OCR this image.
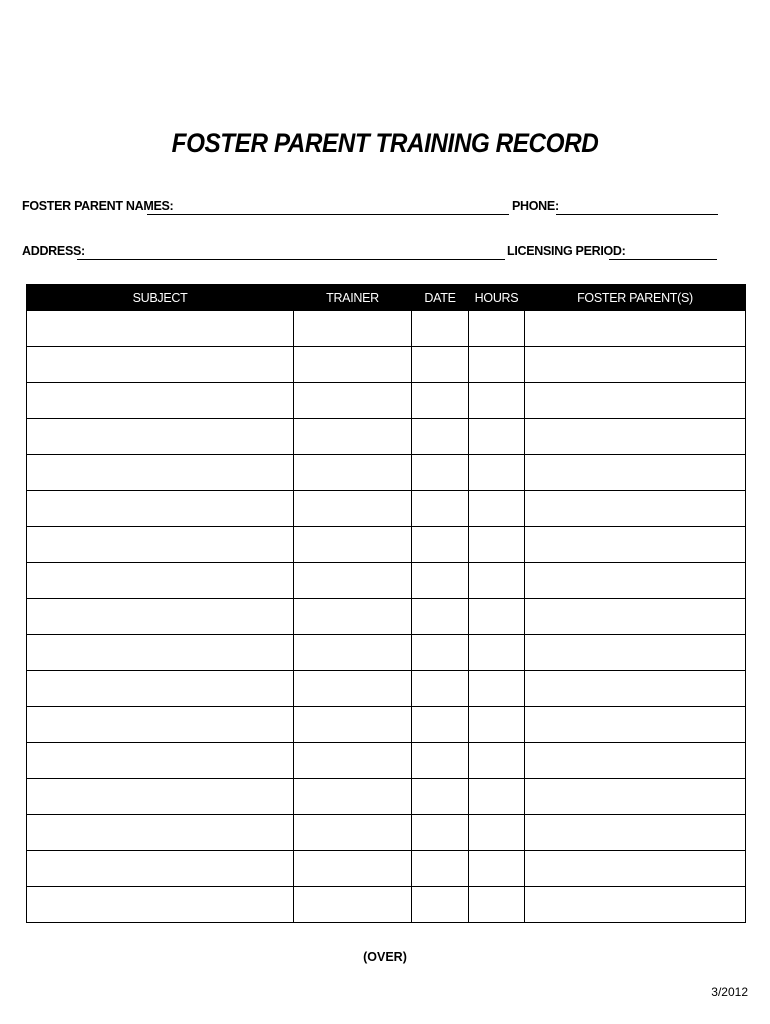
FOSTER PARENT TRAINING RECORD
FOSTER PARENT NAMES:	PHONE:
ADDRESS:	LICENSING PERIOD:
SUBJECT	TRAINER	DATE	HOURS	FOSTER PARENT(S)

(OVER)
3/2012
